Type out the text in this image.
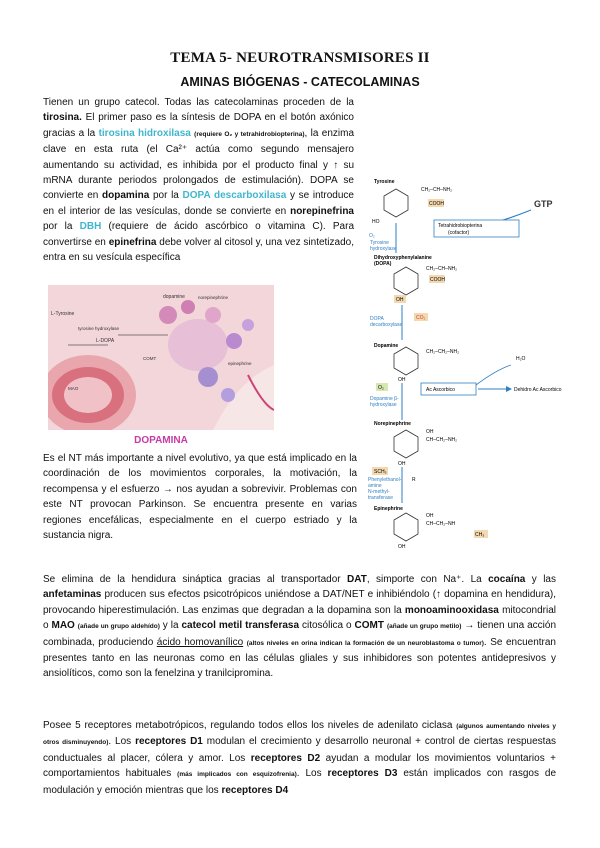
TEMA 5- NEUROTRANSMISORES II
AMINAS BIÓGENAS - CATECOLAMINAS
Tienen un grupo catecol. Todas las catecolaminas proceden de la tirosina. El primer paso es la síntesis de DOPA en el botón axónico gracias a la tirosina hidroxilasa (requiere O₂ y tetrahidrobiopterina), la enzima clave en esta ruta (el Ca²⁺ actúa como segundo mensajero aumentando su actividad, es inhibida por el producto final y ↑ su mRNA durante periodos prolongados de estimulación). DOPA se convierte en dopamina por la DOPA descarboxilasa y se introduce en el interior de las vesículas, donde se convierte en norepinefrina por la DBH (requiere de ácido ascórbico o vitamina C). Para convertirse en epinefrina debe volver al citosol y, una vez sintetizado, entra en su vesícula específica
L-Tyrosine
L-DOPA
dopamine	norepinephrine
epinephrine
tyrosine hydroxylase
COMT
MAO
Tyrosine
HO
CH₂–CH–NH₂
COOH	GTP
Tetrahidrobiopterina
(cofactor)
O₂
Tyrosine
hydroxylase
Dihydroxyphenylalanine
(DOPA)
CH₂–CH–NH₂
COOH
OH
DOPA
decarboxylase
CO₂
Dopamine
CH₂–CH₂–NH₂
OH
H₂O
Ac Ascorbico	Dehidro Ac Ascorbico
O₂
Dopamine β-
hydroxylase
Norepinephrine
OH
CH–CH₂–NH₂
OH
SCH₃
R
Phenylethanol-
amine
N-methyl-
transferase
Epinephrine
OH
CH–CH₂–NH
CH₃
OH
DOPAMINA
Es el NT más importante a nivel evolutivo, ya que está implicado en la coordinación de los movimientos corporales, la motivación, la recompensa y el esfuerzo → nos ayudan a sobrevivir. Problemas con este NT provocan Parkinson. Se encuentra presente en varias regiones encefálicas, especialmente en el cuerpo estriado y la sustancia nigra.
Se elimina de la hendidura sináptica gracias al transportador DAT, simporte con Na⁺. La cocaína y las anfetaminas producen sus efectos psicotrópicos uniéndose a DAT/NET e inhibiéndolo (↑ dopamina en hendidura), provocando hiperestimulación. Las enzimas que degradan a la dopamina son la monoaminooxidasa mitocondrial o MAO (añade un grupo aldehído) y la catecol metil transferasa citosólica o COMT (añade un grupo metilo) → tienen una acción combinada, produciendo ácido homovanílico (altos niveles en orina indican la formación de un neuroblastoma o tumor). Se encuentran presentes tanto en las neuronas como en las células gliales y sus inhibidores son potentes antidepresivos y ansiolíticos, como son la fenelzina y tranilcipromina.
Posee 5 receptores metabotrópicos, regulando todos ellos los niveles de adenilato ciclasa (algunos aumentando niveles y otros disminuyendo). Los receptores D1 modulan el crecimiento y desarrollo neuronal + control de ciertas respuestas conductuales al placer, cólera y amor. Los receptores D2 ayudan a modular los movimientos voluntarios + comportamientos habituales (más implicados con esquizofrenia). Los receptores D3 están implicados con rasgos de modulación y emoción mientras que los receptores D4
